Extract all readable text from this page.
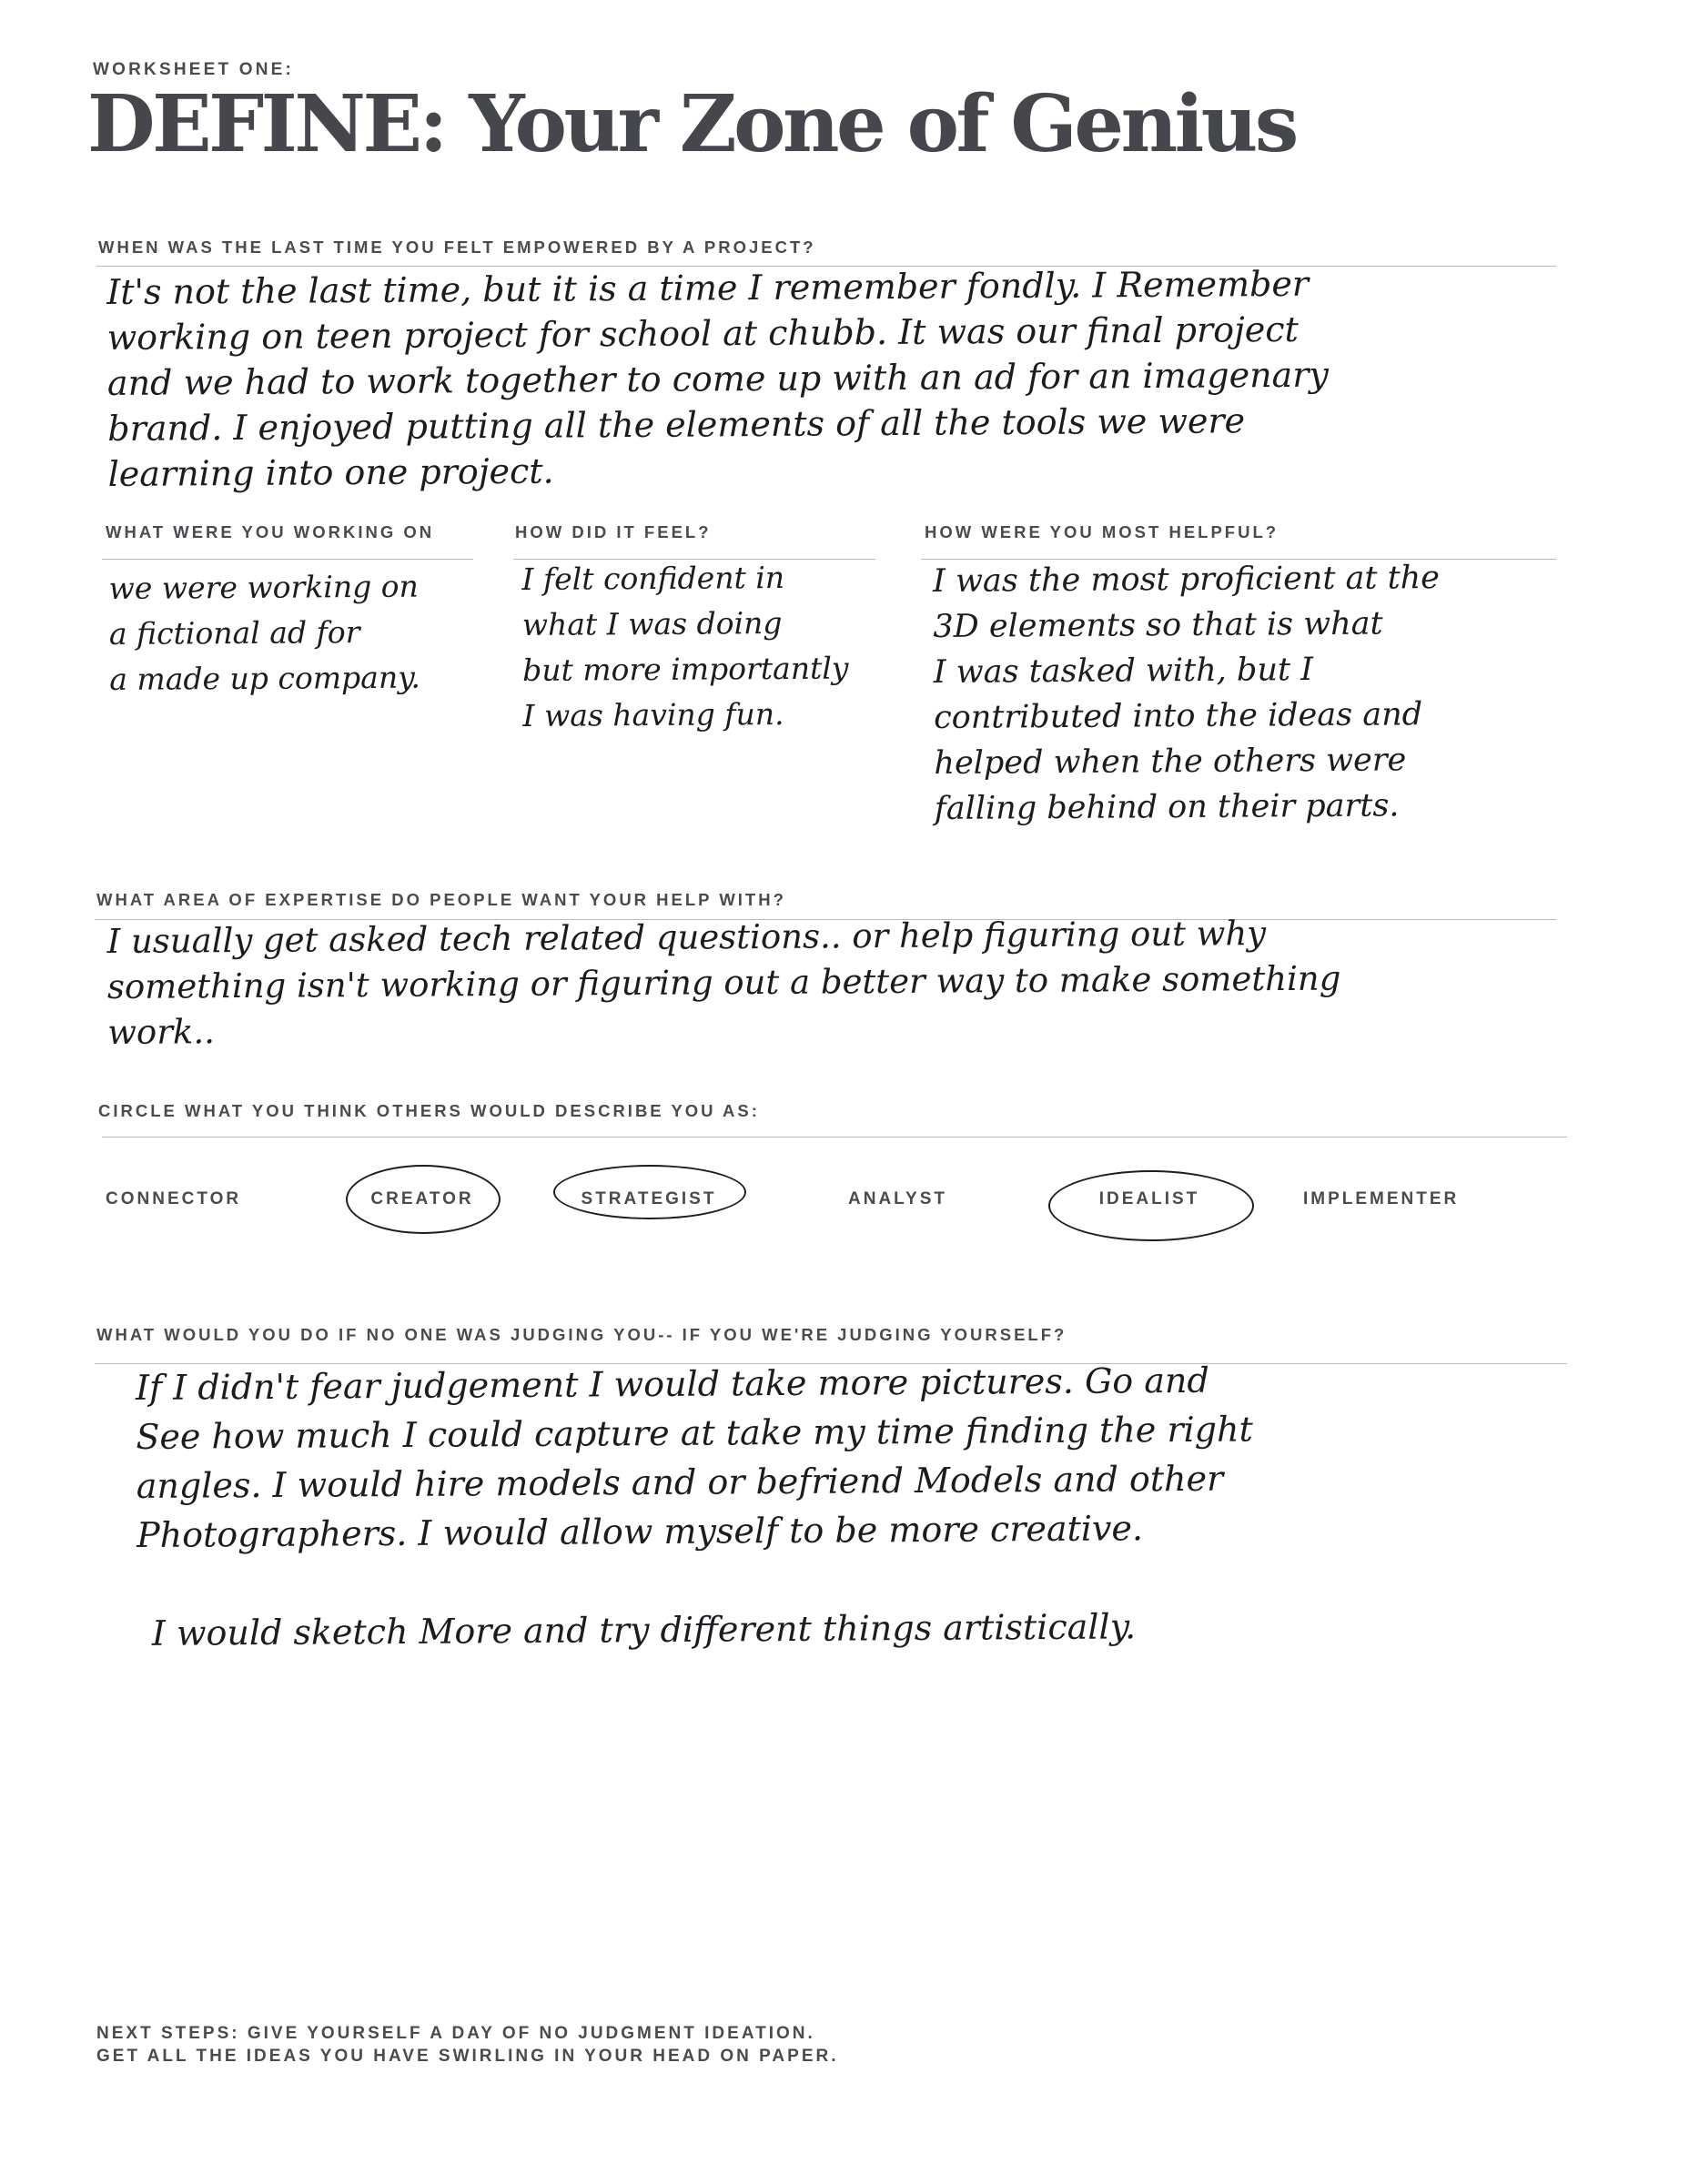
WORKSHEET ONE:
DEFINE: Your Zone of Genius
WHEN WAS THE LAST TIME YOU FELT EMPOWERED BY A PROJECT?
It's not the last time, but it is a time I remember fondly. I Remember
working on teen project for school at chubb. It was our final project
and we had to work together to come up with an ad for an imagenary
brand. I enjoyed putting all the elements of all the tools we were
learning into one project.
WHAT WERE YOU WORKING ON
we were working on
a fictional ad for
a made up company.
HOW DID IT FEEL?
I felt confident in
what I was doing
but more importantly
I was having fun.
HOW WERE YOU MOST HELPFUL?
I was the most proficient at the
3D elements so that is what
I was tasked with, but I
contributed into the ideas and
helped when the others were
falling behind on their parts.
WHAT AREA OF EXPERTISE DO PEOPLE WANT YOUR HELP WITH?
I usually get asked tech related questions.. or help figuring out why
something isn't working or figuring out a better way to make something
work..
CIRCLE WHAT YOU THINK OTHERS WOULD DESCRIBE YOU AS:
CONNECTOR	CREATOR	STRATEGIST	ANALYST	IDEALIST	IMPLEMENTER
WHAT WOULD YOU DO IF NO ONE WAS JUDGING YOU-- IF YOU WE'RE JUDGING YOURSELF?
If I didn't fear judgement I would take more pictures. Go and
See how much I could capture at take my time finding the right
angles. I would hire models and or befriend Models and other
Photographers. I would allow myself to be more creative.
I would sketch More and try different things artistically.
NEXT STEPS: GIVE YOURSELF A DAY OF NO JUDGMENT IDEATION.
GET ALL THE IDEAS YOU HAVE SWIRLING IN YOUR HEAD ON PAPER.
